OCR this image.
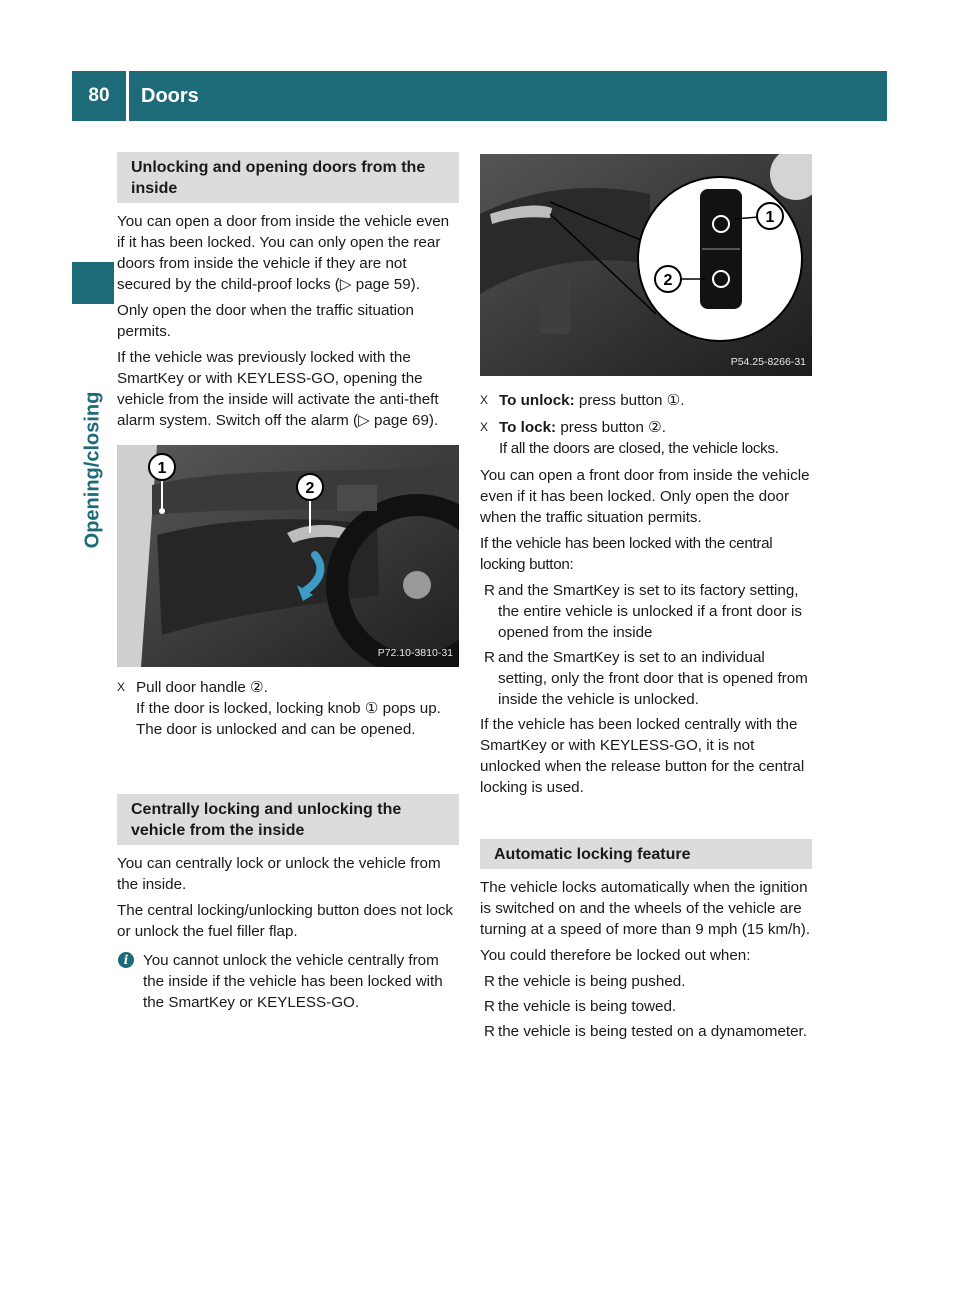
80	Doors
Opening/closing
Unlocking and opening doors from the inside

You can open a door from inside the vehicle even if it has been locked. You can only open the rear doors from inside the vehicle if they are not secured by the child-proof locks (▷ page 59).

Only open the door when the traffic situation permits.

If the vehicle was previously locked with the SmartKey or with KEYLESS-GO, opening the vehicle from the inside will activate the anti-theft alarm system. Switch off the alarm (▷ page 69).

1
2
P72.10-3810-31
X Pull door handle ②.
If the door is locked, locking knob ① pops up. The door is unlocked and can be opened.
Centrally locking and unlocking the vehicle from the inside

You can centrally lock or unlock the vehicle from the inside.

The central locking/unlocking button does not lock or unlock the fuel filler flap.

i You cannot unlock the vehicle centrally from the inside if the vehicle has been locked with the SmartKey or KEYLESS-GO.
1
2
P54.25-8266-31
X To unlock: press button ①.
X To lock: press button ②.
If all the doors are closed, the vehicle locks.

You can open a front door from inside the vehicle even if it has been locked. Only open the door when the traffic situation permits.

If the vehicle has been locked with the central locking button:

R and the SmartKey is set to its factory setting, the entire vehicle is unlocked if a front door is opened from the inside
R and the SmartKey is set to an individual setting, only the front door that is opened from inside the vehicle is unlocked.

If the vehicle has been locked centrally with the SmartKey or with KEYLESS-GO, it is not unlocked when the release button for the central locking is used.

Automatic locking feature

The vehicle locks automatically when the ignition is switched on and the wheels of the vehicle are turning at a speed of more than 9 mph (15 km/h).

You could therefore be locked out when:

R the vehicle is being pushed.
R the vehicle is being towed.
R the vehicle is being tested on a dynamometer.
